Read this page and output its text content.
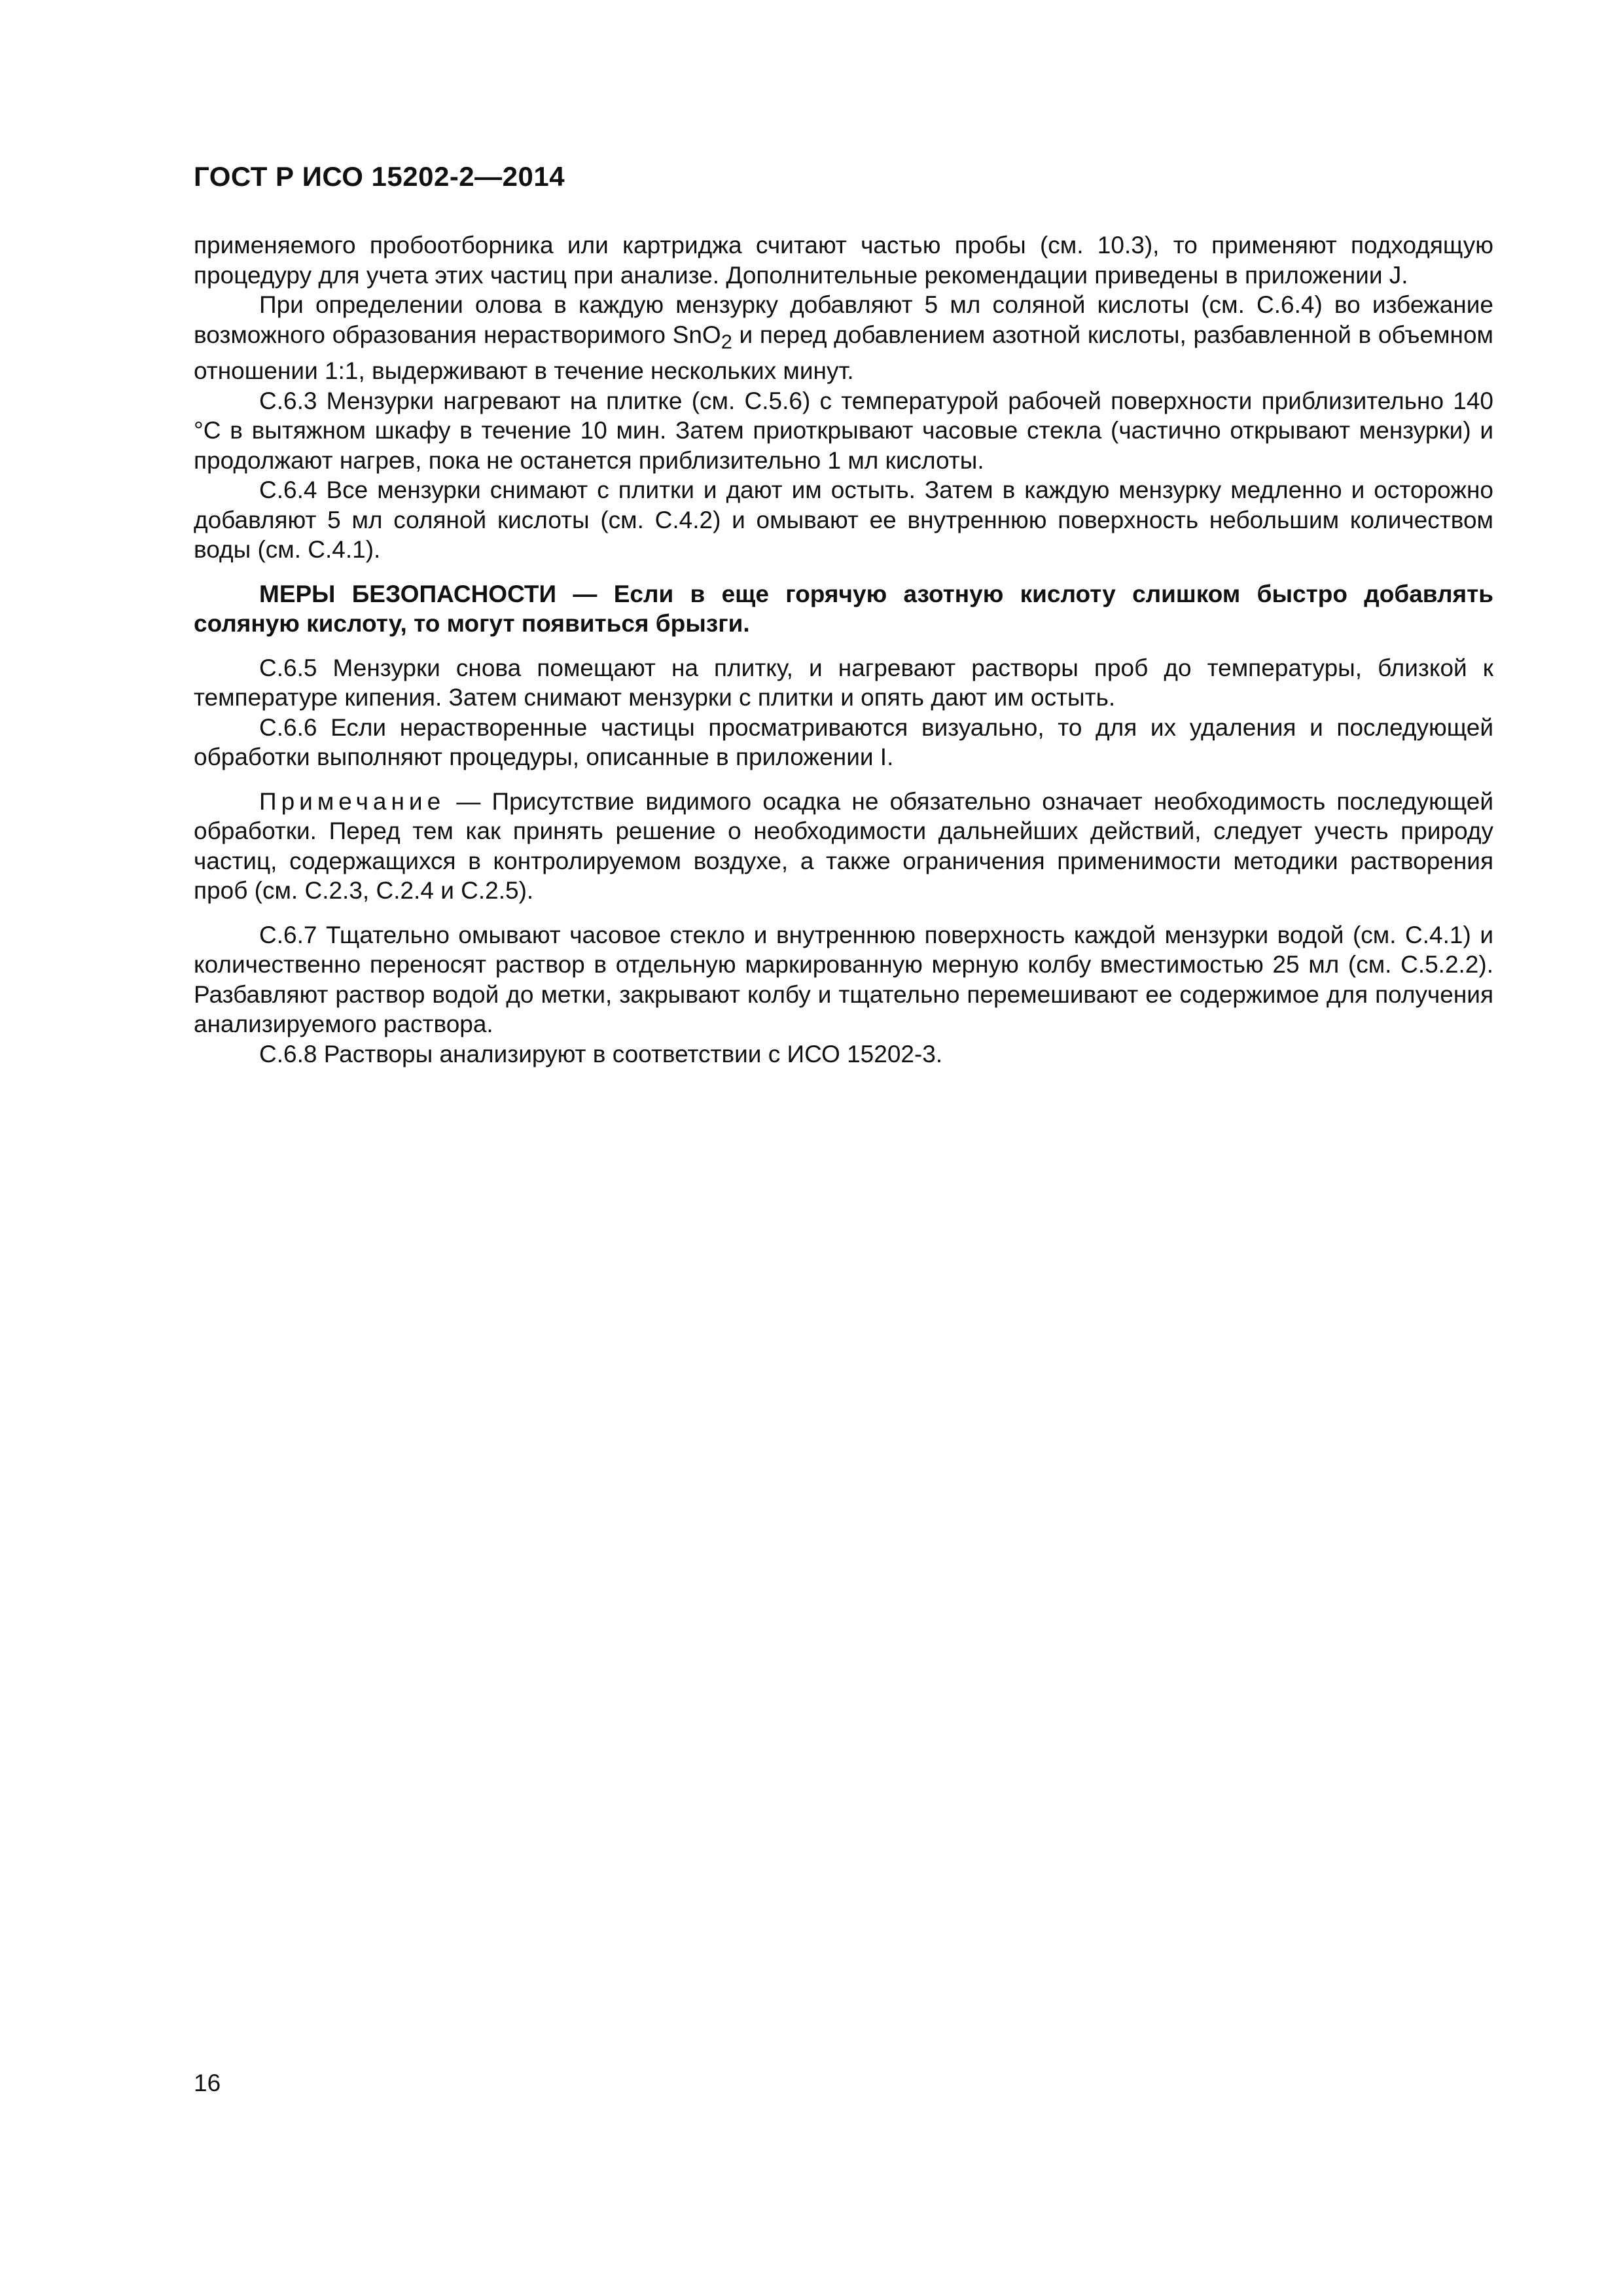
ГОСТ Р ИСО 15202-2—2014

применяемого пробоотборника или картриджа считают частью пробы (см. 10.3), то применяют подходящую процедуру для учета этих частиц при анализе. Дополнительные рекомендации приведены в приложении J.

При определении олова в каждую мензурку добавляют 5 мл соляной кислоты (см. С.6.4) во избежание возможного образования нерастворимого SnO$_2$ и перед добавлением азотной кислоты, разбавленной в объемном отношении 1:1, выдерживают в течение нескольких минут.

С.6.3 Мензурки нагревают на плитке (см. С.5.6) с температурой рабочей поверхности приблизительно 140 °С в вытяжном шкафу в течение 10 мин. Затем приоткрывают часовые стекла (частично открывают мензурки) и продолжают нагрев, пока не останется приблизительно 1 мл кислоты.

С.6.4 Все мензурки снимают с плитки и дают им остыть. Затем в каждую мензурку медленно и осторожно добавляют 5 мл соляной кислоты (см. С.4.2) и омывают ее внутреннюю поверхность небольшим количеством воды (см. С.4.1).

МЕРЫ БЕЗОПАСНОСТИ — Если в еще горячую азотную кислоту слишком быстро добавлять соляную кислоту, то могут появиться брызги.

С.6.5 Мензурки снова помещают на плитку, и нагревают растворы проб до температуры, близкой к температуре кипения. Затем снимают мензурки с плитки и опять дают им остыть.

С.6.6 Если нерастворенные частицы просматриваются визуально, то для их удаления и последующей обработки выполняют процедуры, описанные в приложении I.

Примечание — Присутствие видимого осадка не обязательно означает необходимость последующей обработки. Перед тем как принять решение о необходимости дальнейших действий, следует учесть природу частиц, содержащихся в контролируемом воздухе, а также ограничения применимости методики растворения проб (см. С.2.3, С.2.4 и С.2.5).

С.6.7 Тщательно омывают часовое стекло и внутреннюю поверхность каждой мензурки водой (см. С.4.1) и количественно переносят раствор в отдельную маркированную мерную колбу вместимостью 25 мл (см. С.5.2.2). Разбавляют раствор водой до метки, закрывают колбу и тщательно перемешивают ее содержимое для получения анализируемого раствора.

С.6.8 Растворы анализируют в соответствии с ИСО 15202-3.

16
